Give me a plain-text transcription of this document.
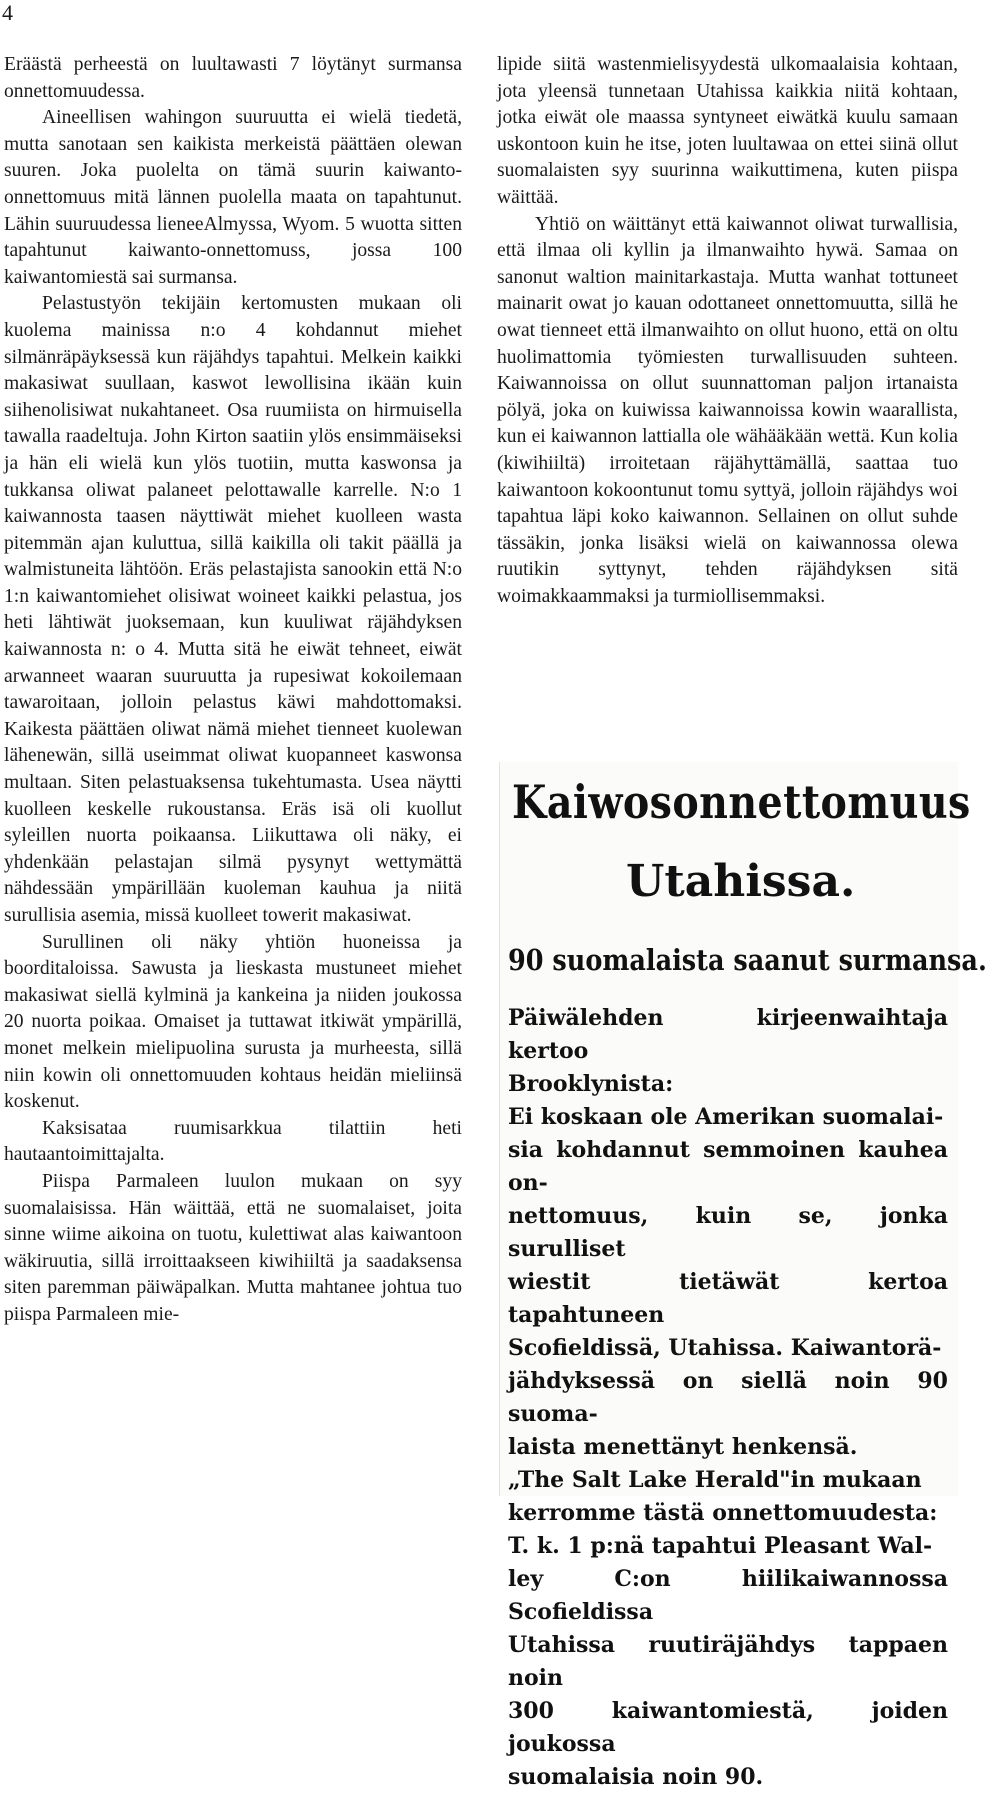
4

Eräästä perheestä on luultawasti 7 löytänyt surmansa onnettomuudessa.

Aineellisen wahingon suuruutta ei wielä tiedetä, mutta sanotaan sen kaikista merkeistä päättäen olewan suuren. Joka puolelta on tämä suurin kaiwanto-onnettomuus mitä lännen puolella maata on tapahtunut. Lähin suuruudessa lieneeAlmyssa, Wyom. 5 wuotta sitten tapahtunut kaiwanto-onnettomuss, jossa 100 kaiwantomiestä sai surmansa.

Pelastustyön tekijäin kertomusten mukaan oli kuolema mainissa n:o 4 kohdannut miehet silmänräpäyksessä kun räjähdys tapahtui. Melkein kaikki makasiwat suullaan, kaswot lewollisina ikään kuin siihenolisiwat nukahtaneet. Osa ruumiista on hirmuisella tawalla raadeltuja. John Kirton saatiin ylös ensimmäiseksi ja hän eli wielä kun ylös tuotiin, mutta kaswonsa ja tukkansa oliwat palaneet pelottawalle karrelle. N:o 1 kaiwannosta taasen näyttiwät miehet kuolleen wasta pitemmän ajan kuluttua, sillä kaikilla oli takit päällä ja walmistuneita lähtöön. Eräs pelastajista sanookin että N:o 1:n kaiwantomiehet olisiwat woineet kaikki pelastua, jos heti lähtiwät juoksemaan, kun kuuliwat räjähdyksen kaiwannosta n: o 4. Mutta sitä he eiwät tehneet, eiwät arwanneet waaran suuruutta ja rupesiwat kokoilemaan tawaroitaan, jolloin pelastus käwi mahdottomaksi. Kaikesta päättäen oliwat nämä miehet tienneet kuolewan lähenewän, sillä useimmat oliwat kuopanneet kaswonsa multaan. Siten pelastuaksensa tukehtumasta. Usea näytti kuolleen keskelle rukoustansa. Eräs isä oli kuollut syleillen nuorta poikaansa. Liikuttawa oli näky, ei yhdenkään pelastajan silmä pysynyt wettymättä nähdessään ympärillään kuoleman kauhua ja niitä surullisia asemia, missä kuolleet towerit makasiwat.

Surullinen oli näky yhtiön huoneissa ja boorditaloissa. Sawusta ja lieskasta mustuneet miehet makasiwat siellä kylminä ja kankeina ja niiden joukossa 20 nuorta poikaa. Omaiset ja tuttawat itkiwät ympärillä, monet melkein mielipuolina surusta ja murheesta, sillä niin kowin oli onnettomuuden kohtaus heidän mieliinsä koskenut.

Kaksisataa ruumisarkkua tilattiin heti hautaantoimittajalta.

Piispa Parmaleen luulon mukaan on syy suomalaisissa. Hän wäittää, että ne suomalaiset, joita sinne wiime aikoina on tuotu, kulettiwat alas kaiwantoon wäkiruutia, sillä irroittaakseen kiwihiiltä ja saadaksensa siten paremman päiwäpalkan. Mutta mahtanee johtua tuo piispa Parmaleen mie-

lipide siitä wastenmielisyydestä ulkomaalaisia kohtaan, jota yleensä tunnetaan Utahissa kaikkia niitä kohtaan, jotka eiwät ole maassa syntyneet eiwätkä kuulu samaan uskontoon kuin he itse, joten luultawaa on ettei siinä ollut suomalaisten syy suurinna waikuttimena, kuten piispa wäittää.

Yhtiö on wäittänyt että kaiwannot oliwat turwallisia, että ilmaa oli kyllin ja ilmanwaihto hywä. Samaa on sanonut waltion mainitarkastaja. Mutta wanhat tottuneet mainarit owat jo kauan odottaneet onnettomuutta, sillä he owat tienneet että ilmanwaihto on ollut huono, että on oltu huolimattomia työmiesten turwallisuuden suhteen. Kaiwannoissa on ollut suunnattoman paljon irtanaista pölyä, joka on kuiwissa kaiwannoissa kowin waarallista, kun ei kaiwannon lattialla ole wähääkään wettä. Kun kolia (kiwihiiltä) irroitetaan räjähyttämällä, saattaa tuo kaiwantoon kokoontunut tomu syttyä, jolloin räjähdys woi tapahtua läpi koko kaiwannon. Sellainen on ollut suhde tässäkin, jonka lisäksi wielä on kaiwannossa olewa ruutikin syttynyt, tehden räjähdyksen sitä woimakkaammaksi ja turmiollisemmaksi.

Kaiwosonnettomuus
Utahissa.
90 suomalaista saanut surmansa.
Päiwälehden kirjeenwaihtaja kertoo
Brooklynista:
Ei koskaan ole Amerikan suomalai-
sia kohdannut semmoinen kauhea on-
nettomuus, kuin se, jonka surulliset
wiestit tietäwät kertoa tapahtuneen
Scofieldissä, Utahissa. Kaiwantorä-
jähdyksessä on siellä noin 90 suoma-
laista menettänyt henkensä.
„The Salt Lake Herald"in mukaan
kerromme tästä onnettomuudesta:
T. k. 1 p:nä tapahtui Pleasant Wal-
ley C:on hiilikaiwannossa Scofieldissa
Utahissa ruutiräjähdys tappaen noin
300 kaiwantomiestä, joiden joukossa
suomalaisia noin 90.
